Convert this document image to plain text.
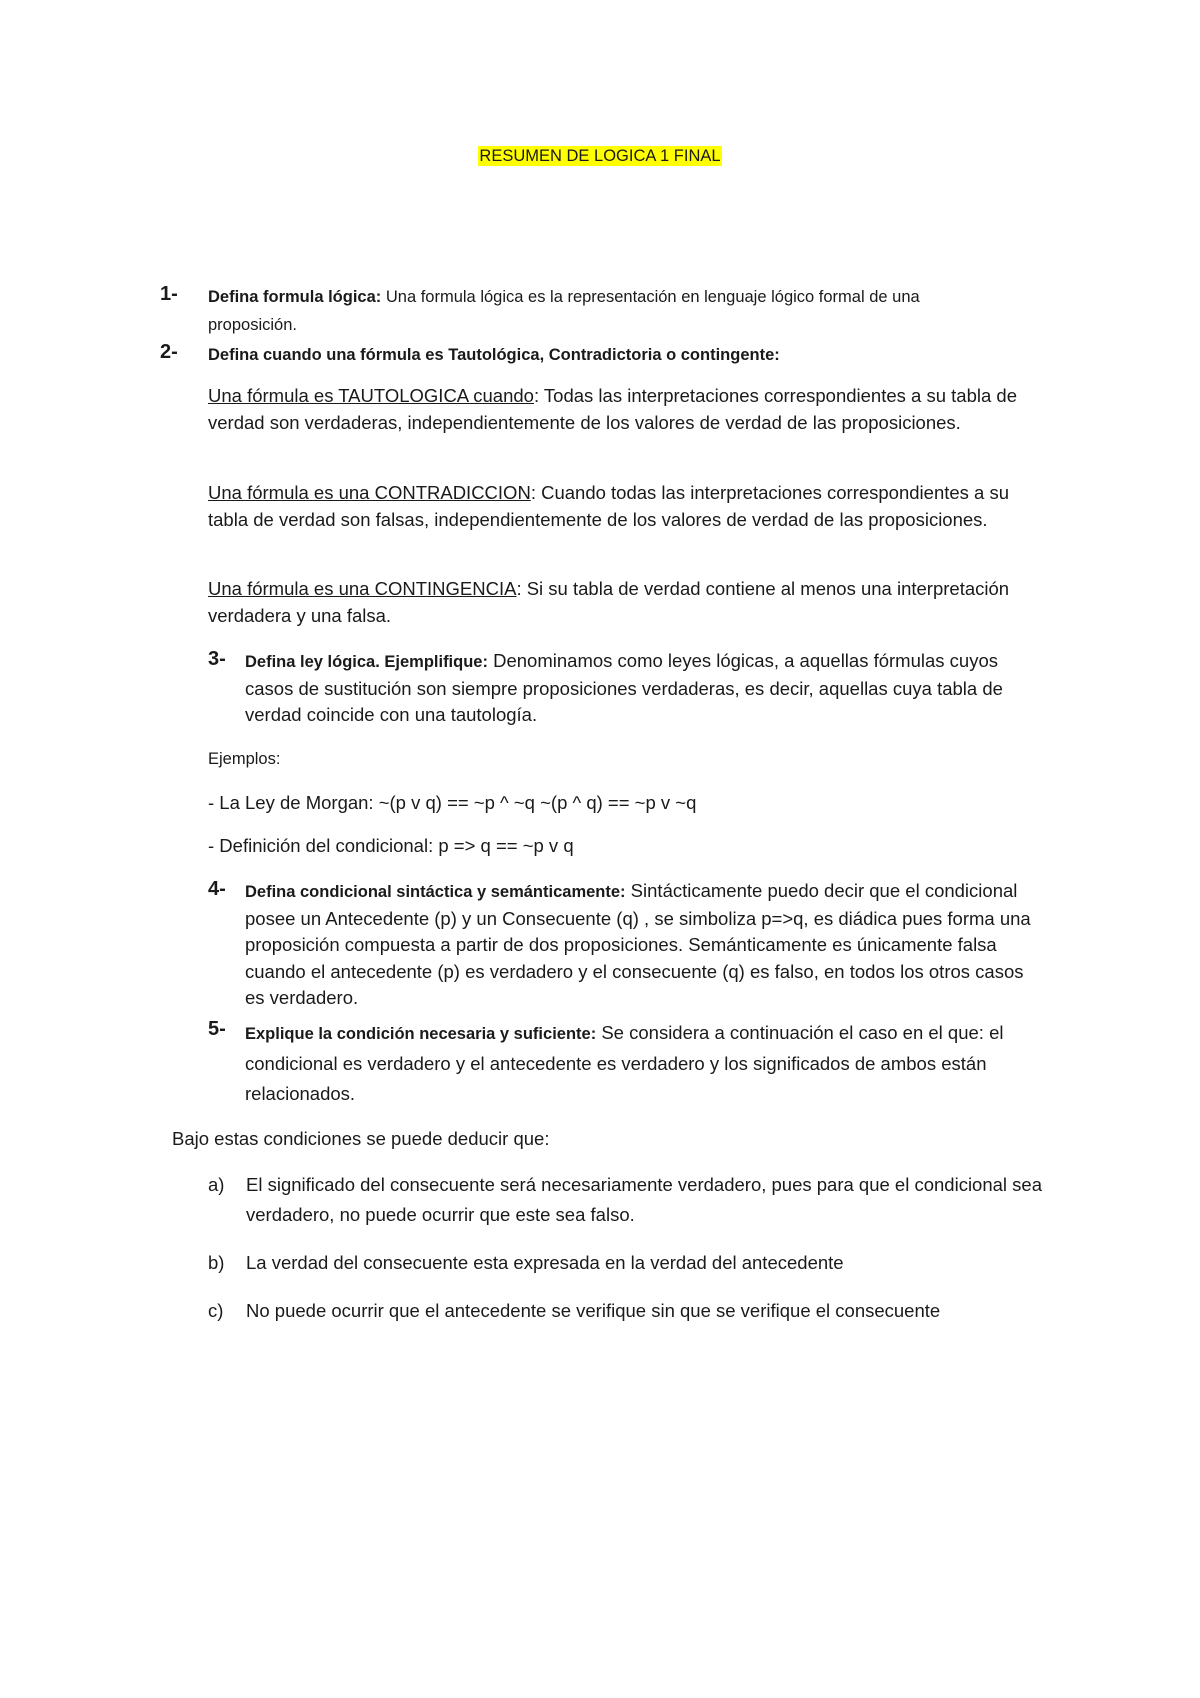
RESUMEN DE LOGICA 1 FINAL
1- Defina formula lógica: Una formula lógica es la representación en lenguaje lógico formal de una proposición.
2- Defina cuando una fórmula es Tautológica, Contradictoria o contingente:
Una fórmula es TAUTOLOGICA cuando: Todas las interpretaciones correspondientes a su tabla de verdad son verdaderas, independientemente de los valores de verdad de las proposiciones.
Una fórmula es una CONTRADICCION: Cuando todas las interpretaciones correspondientes a su tabla de verdad son falsas, independientemente de los valores de verdad de las proposiciones.
Una fórmula es una CONTINGENCIA: Si su tabla de verdad contiene al menos una interpretación verdadera y una falsa.
3- Defina ley lógica. Ejemplifique: Denominamos como leyes lógicas, a aquellas fórmulas cuyos casos de sustitución son siempre proposiciones verdaderas, es decir, aquellas cuya tabla de verdad coincide con una tautología.
Ejemplos:
- La Ley de Morgan: ~(p v q) == ~p ^ ~q ~(p ^ q) == ~p v ~q
- Definición del condicional: p => q == ~p v q
4- Defina condicional sintáctica y semánticamente: Sintácticamente puedo decir que el condicional posee un Antecedente (p) y un Consecuente (q) , se simboliza p=>q, es diádica pues forma una proposición compuesta a partir de dos proposiciones. Semánticamente es únicamente falsa cuando el antecedente (p) es verdadero y el consecuente (q) es falso, en todos los otros casos es verdadero.
5- Explique la condición necesaria y suficiente: Se considera a continuación el caso en el que: el condicional es verdadero y el antecedente es verdadero y los significados de ambos están relacionados.
Bajo estas condiciones se puede deducir que:
a) El significado del consecuente será necesariamente verdadero, pues para que el condicional sea verdadero, no puede ocurrir que este sea falso.
b) La verdad del consecuente esta expresada en la verdad del antecedente
c) No puede ocurrir que el antecedente se verifique sin que se verifique el consecuente
